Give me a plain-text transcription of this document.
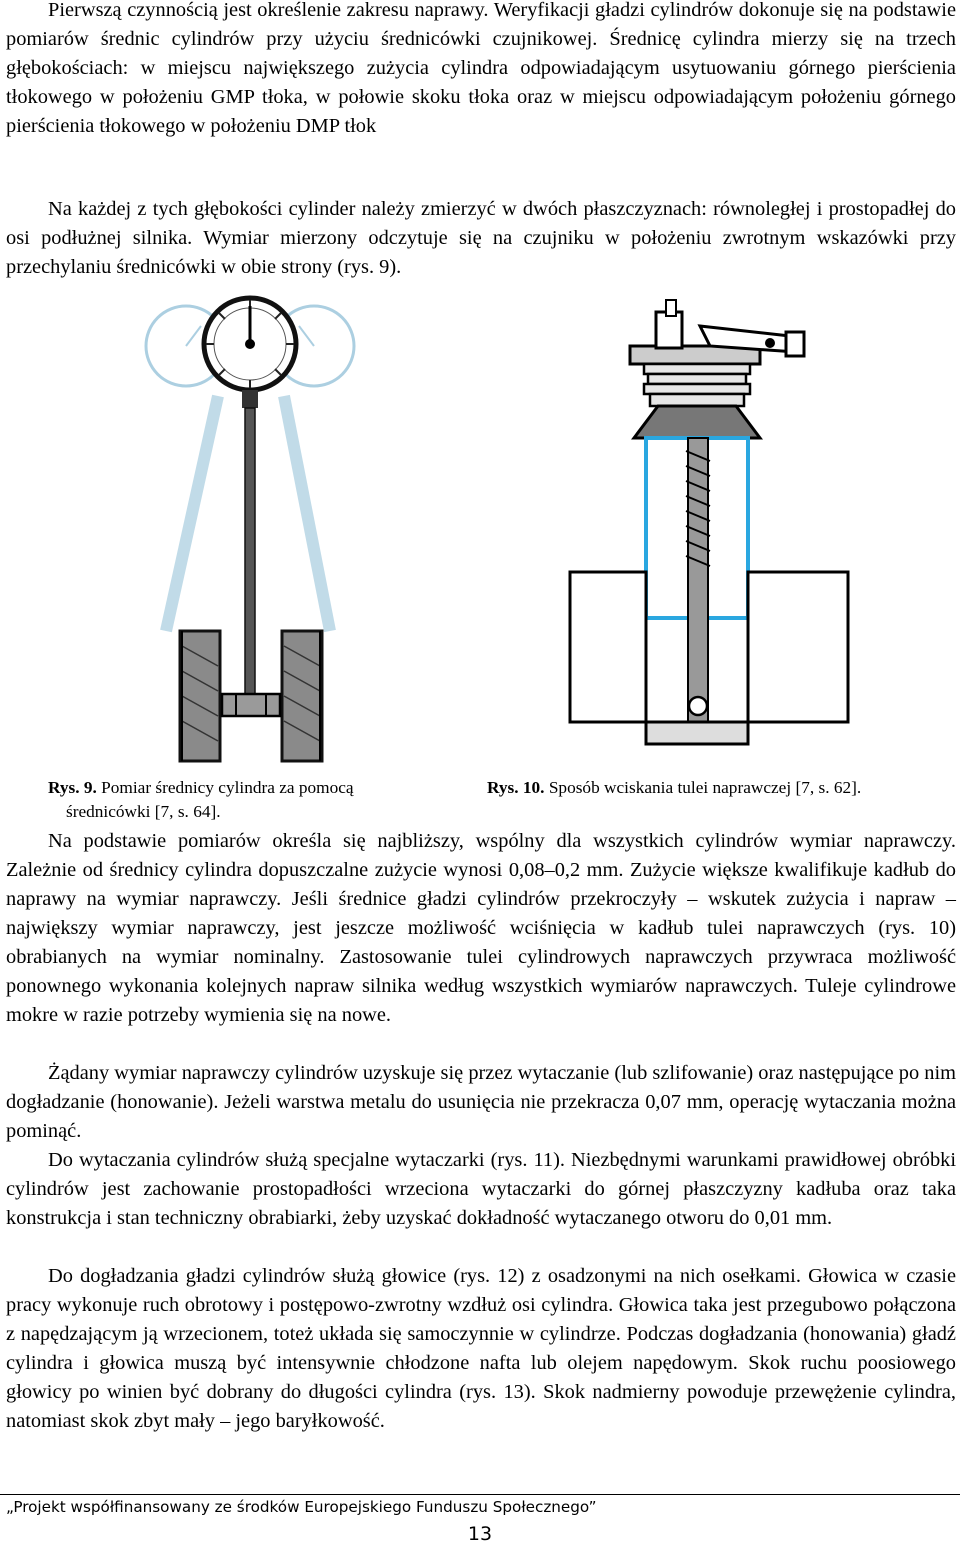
Pierwszą czynnością jest określenie zakresu naprawy. Weryfikacji gładzi cylindrów dokonuje się na podstawie pomiarów średnic cylindrów przy użyciu średnicówki czujnikowej. Średnicę cylindra mierzy się na trzech głębokościach: w miejscu największego zużycia cylindra odpowiadającym usytuowaniu górnego pierścienia tłokowego w położeniu GMP tłoka, w połowie skoku tłoka oraz w miejscu odpowiadającym położeniu górnego pierścienia tłokowego w położeniu DMP tłok

Na każdej z tych głębokości cylinder należy zmierzyć w dwóch płaszczyznach: równoległej i prostopadłej do osi podłużnej silnika. Wymiar mierzony odczytuje się na czujniku w położeniu zwrotnym wskazówki przy przechylaniu średnicówki w obie strony (rys. 9).

Rys. 9. Pomiar średnicy cylindra za pomocą
średnicówki [7, s. 64].
Rys. 10. Sposób wciskania tulei naprawczej [7, s. 62].

Na podstawie pomiarów określa się najbliższy, wspólny dla wszystkich cylindrów wymiar naprawczy. Zależnie od średnicy cylindra dopuszczalne zużycie wynosi 0,08–0,2 mm. Zużycie większe kwalifikuje kadłub do naprawy na wymiar naprawczy. Jeśli średnice gładzi cylindrów przekroczyły – wskutek zużycia i napraw – największy wymiar naprawczy, jest jeszcze możliwość wciśnięcia w kadłub tulei naprawczych (rys. 10) obrabianych na wymiar nominalny. Zastosowanie tulei cylindrowych naprawczych przywraca możliwość ponownego wykonania kolejnych napraw silnika według wszystkich wymiarów naprawczych. Tuleje cylindrowe mokre w razie potrzeby wymienia się na nowe.

Żądany wymiar naprawczy cylindrów uzyskuje się przez wytaczanie (lub szlifowanie) oraz następujące po nim dogładzanie (honowanie). Jeżeli warstwa metalu do usunięcia nie przekracza 0,07 mm, operację wytaczania można pominąć.

Do wytaczania cylindrów służą specjalne wytaczarki (rys. 11). Niezbędnymi warunkami prawidłowej obróbki cylindrów jest zachowanie prostopadłości wrzeciona wytaczarki do górnej płaszczyzny kadłuba oraz taka konstrukcja i stan techniczny obrabiarki, żeby uzyskać dokładność wytaczanego otworu do 0,01 mm.

Do dogładzania gładzi cylindrów służą głowice (rys. 12) z osadzonymi na nich osełkami. Głowica w czasie pracy wykonuje ruch obrotowy i postępowo-zwrotny wzdłuż osi cylindra. Głowica taka jest przegubowo połączona z napędzającym ją wrzecionem, toteż układa się samoczynnie w cylindrze. Podczas dogładzania (honowania) gładź cylindra i głowica muszą być intensywnie chłodzone nafta lub olejem napędowym. Skok ruchu poosiowego głowicy po winien być dobrany do długości cylindra (rys. 13). Skok nadmierny powoduje przewężenie cylindra, natomiast skok zbyt mały – jego baryłkowość.

„Projekt współfinansowany ze środków Europejskiego Funduszu Społecznego”
13
